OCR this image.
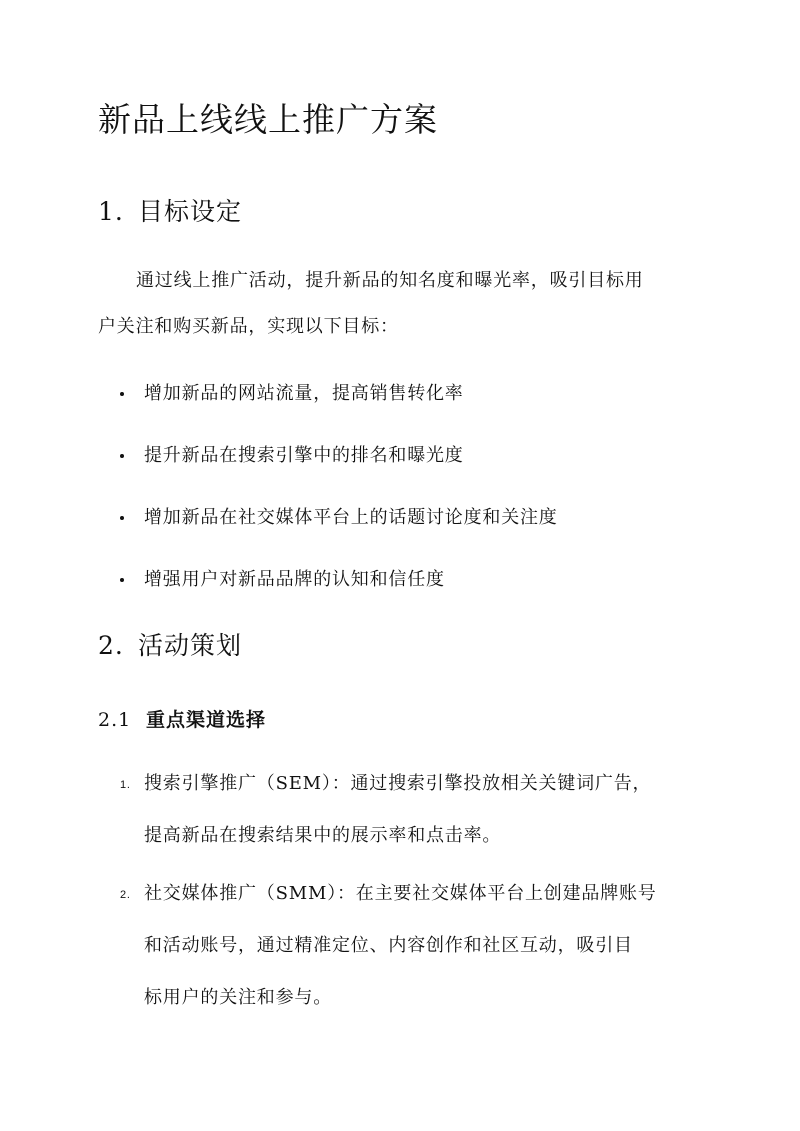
新品上线线上推广方案
1. 目标设定

通过线上推广活动，提升新品的知名度和曝光率，吸引目标用
户关注和购买新品，实现以下目标：

增加新品的网站流量，提高销售转化率
提升新品在搜索引擎中的排名和曝光度
增加新品在社交媒体平台上的话题讨论度和关注度
增强用户对新品品牌的认知和信任度
2. 活动策划
2.1 重点渠道选择
1. 搜索引擎推广（SEM）：通过搜索引擎投放相关关键词广告，
提高新品在搜索结果中的展示率和点击率。
2. 社交媒体推广（SMM）：在主要社交媒体平台上创建品牌账号
和活动账号，通过精准定位、内容创作和社区互动，吸引目
标用户的关注和参与。
